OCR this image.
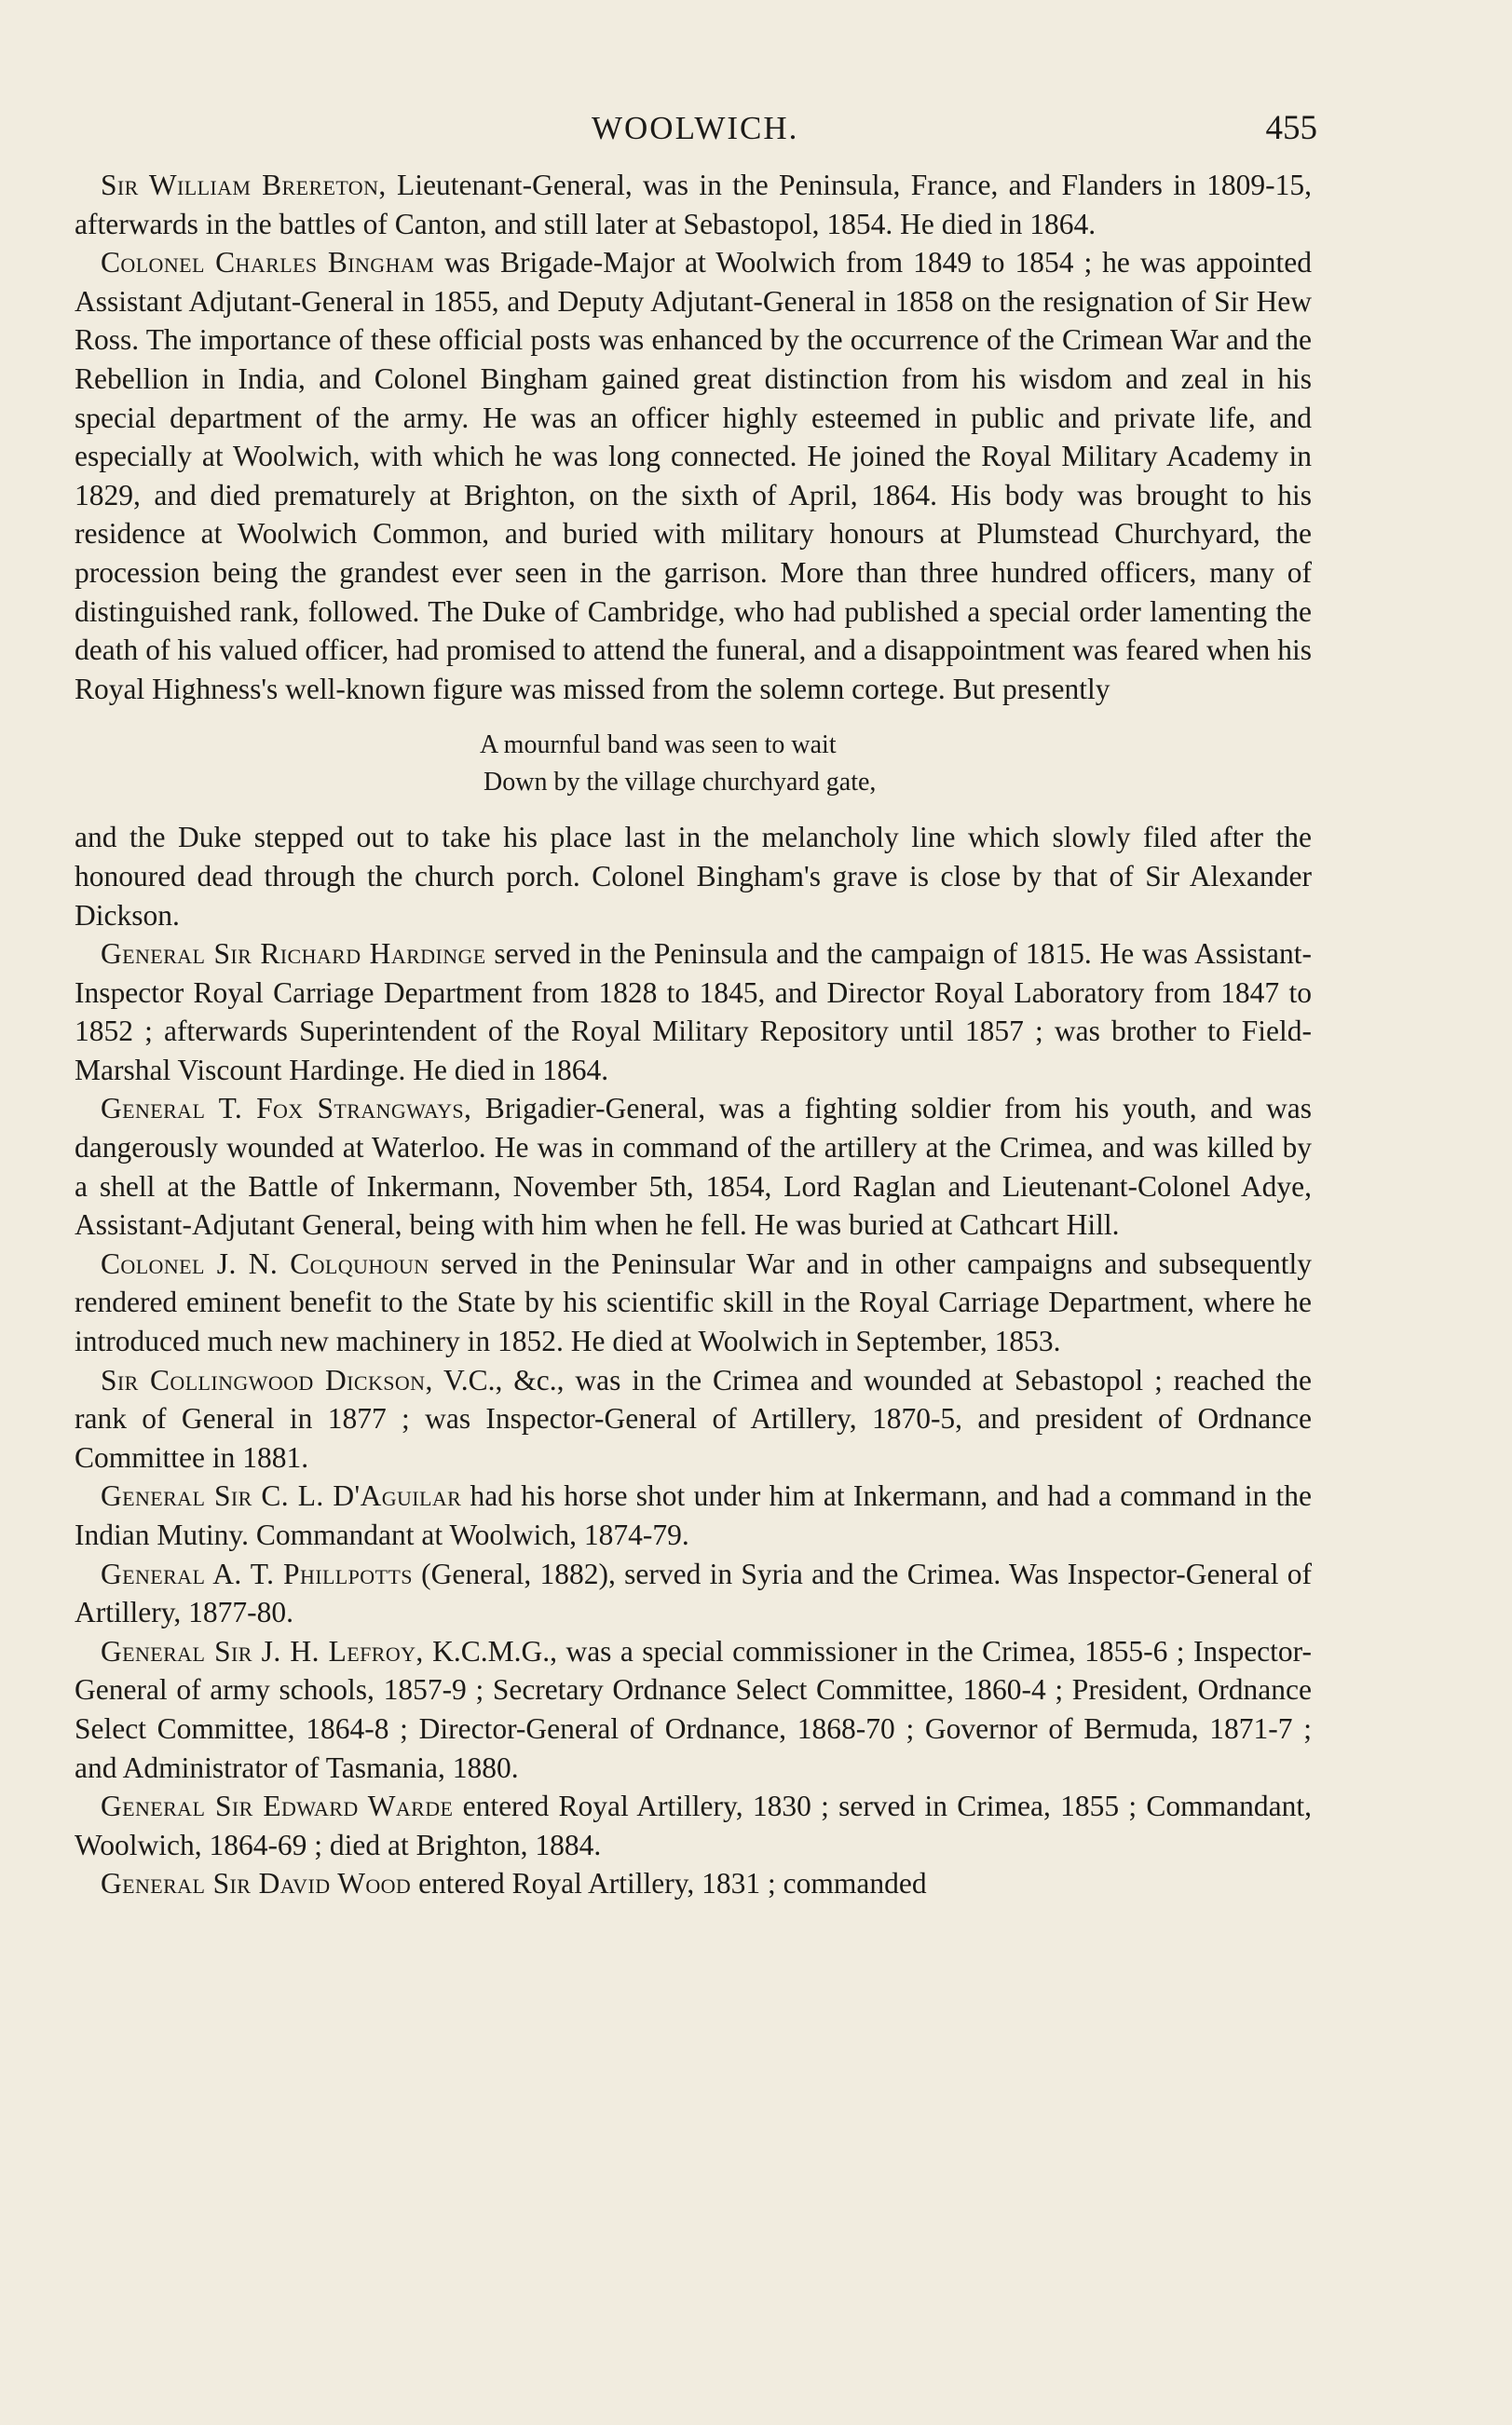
WOOLWICH.	455

Sir William Brereton, Lieutenant-General, was in the Peninsula, France, and Flanders in 1809-15, afterwards in the battles of Canton, and still later at Sebastopol, 1854. He died in 1864.

Colonel Charles Bingham was Brigade-Major at Woolwich from 1849 to 1854 ; he was appointed Assistant Adjutant-General in 1855, and Deputy Adjutant-General in 1858 on the resignation of Sir Hew Ross. The importance of these official posts was enhanced by the occurrence of the Crimean War and the Rebellion in India, and Colonel Bingham gained great distinction from his wisdom and zeal in his special department of the army. He was an officer highly esteemed in public and private life, and especially at Woolwich, with which he was long connected. He joined the Royal Military Academy in 1829, and died prematurely at Brighton, on the sixth of April, 1864. His body was brought to his residence at Woolwich Common, and buried with military honours at Plumstead Churchyard, the procession being the grandest ever seen in the garrison. More than three hundred officers, many of distinguished rank, followed. The Duke of Cambridge, who had published a special order lamenting the death of his valued officer, had promised to attend the funeral, and a disappointment was feared when his Royal Highness's well-known figure was missed from the solemn cortege. But presently

A mournful band was seen to wait
Down by the village churchyard gate,

and the Duke stepped out to take his place last in the melancholy line which slowly filed after the honoured dead through the church porch. Colonel Bingham's grave is close by that of Sir Alexander Dickson.

General Sir Richard Hardinge served in the Peninsula and the campaign of 1815. He was Assistant-Inspector Royal Carriage Department from 1828 to 1845, and Director Royal Laboratory from 1847 to 1852 ; afterwards Superintendent of the Royal Military Repository until 1857 ; was brother to Field-Marshal Viscount Hardinge. He died in 1864.

General T. Fox Strangways, Brigadier-General, was a fighting soldier from his youth, and was dangerously wounded at Waterloo. He was in command of the artillery at the Crimea, and was killed by a shell at the Battle of Inkermann, November 5th, 1854, Lord Raglan and Lieutenant-Colonel Adye, Assistant-Adjutant General, being with him when he fell. He was buried at Cathcart Hill.

Colonel J. N. Colquhoun served in the Peninsular War and in other campaigns and subsequently rendered eminent benefit to the State by his scientific skill in the Royal Carriage Department, where he introduced much new machinery in 1852. He died at Woolwich in September, 1853.

Sir Collingwood Dickson, V.C., &c., was in the Crimea and wounded at Sebastopol ; reached the rank of General in 1877 ; was Inspector-General of Artillery, 1870-5, and president of Ordnance Committee in 1881.

General Sir C. L. D'Aguilar had his horse shot under him at Inkermann, and had a command in the Indian Mutiny. Commandant at Woolwich, 1874-79.

General A. T. Phillpotts (General, 1882), served in Syria and the Crimea. Was Inspector-General of Artillery, 1877-80.

General Sir J. H. Lefroy, K.C.M.G., was a special commissioner in the Crimea, 1855-6 ; Inspector-General of army schools, 1857-9 ; Secretary Ordnance Select Committee, 1860-4 ; President, Ordnance Select Committee, 1864-8 ; Director-General of Ordnance, 1868-70 ; Governor of Bermuda, 1871-7 ; and Administrator of Tasmania, 1880.

General Sir Edward Warde entered Royal Artillery, 1830 ; served in Crimea, 1855 ; Commandant, Woolwich, 1864-69 ; died at Brighton, 1884.

General Sir David Wood entered Royal Artillery, 1831 ; commanded
